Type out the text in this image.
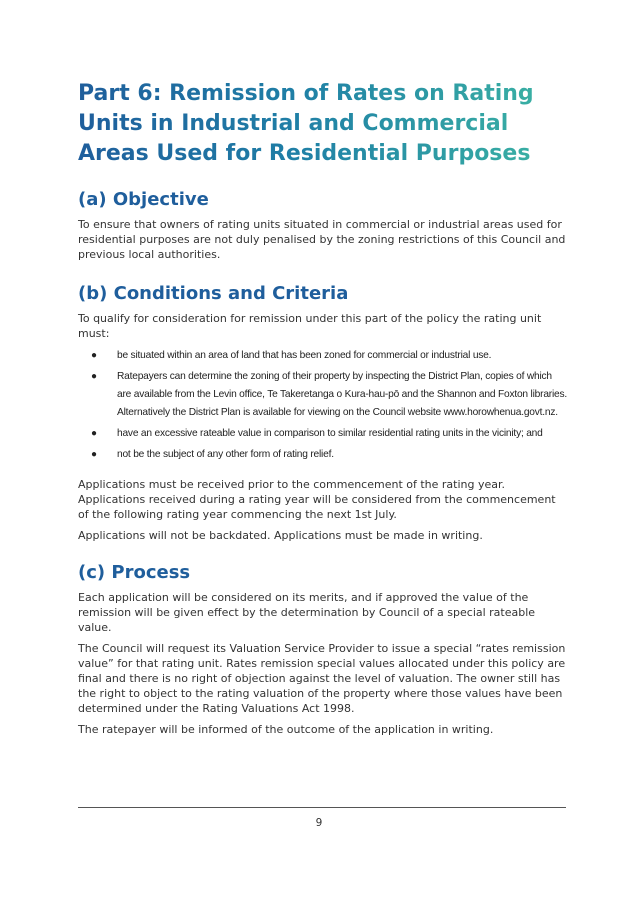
Part 6: Remission of Rates on Rating Units in Industrial and Commercial Areas Used for Residential Purposes
(a) Objective

To ensure that owners of rating units situated in commercial or industrial areas used for residential purposes are not duly penalised by the zoning restrictions of this Council and previous local authorities.

(b) Conditions and Criteria

To qualify for consideration for remission under this part of the policy the rating unit must:

● be situated within an area of land that has been zoned for commercial or industrial use.
● Ratepayers can determine the zoning of their property by inspecting the District Plan, copies of which are available from the Levin office, Te Takeretanga o Kura-hau-pō and the Shannon and Foxton libraries. Alternatively the District Plan is available for viewing on the Council website www.horowhenua.govt.nz.
● have an excessive rateable value in comparison to similar residential rating units in the vicinity; and
● not be the subject of any other form of rating relief.

Applications must be received prior to the commencement of the rating year. Applications received during a rating year will be considered from the commencement of the following rating year commencing the next 1st July.

Applications will not be backdated. Applications must be made in writing.

(c) Process

Each application will be considered on its merits, and if approved the value of the remission will be given effect by the determination by Council of a special rateable value.

The Council will request its Valuation Service Provider to issue a special “rates remission value” for that rating unit. Rates remission special values allocated under this policy are final and there is no right of objection against the level of valuation. The owner still has the right to object to the rating valuation of the property where those values have been determined under the Rating Valuations Act 1998.

The ratepayer will be informed of the outcome of the application in writing.

9
